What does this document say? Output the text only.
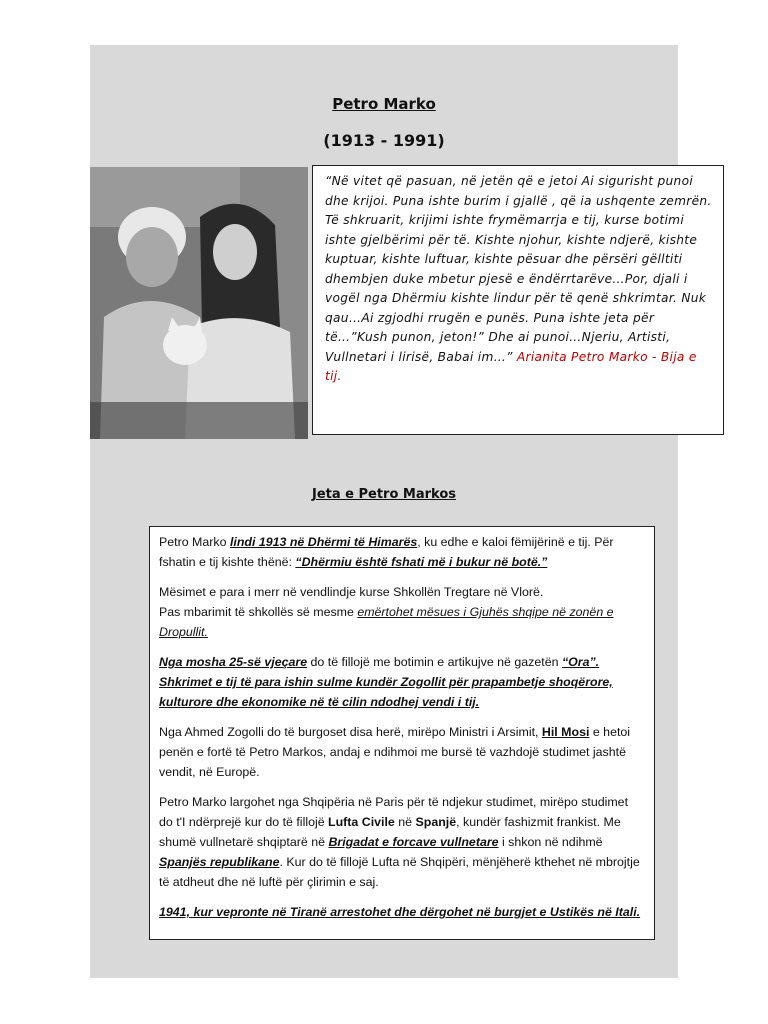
Petro Marko
(1913 - 1991)
“Në vitet që pasuan, në jetën që e jetoi Ai sigurisht punoi dhe krijoi. Puna ishte burim i gjallë , që ia ushqente zemrën. Të shkruarit, krijimi ishte frymëmarrja e tij, kurse botimi ishte gjelbërimi për të. Kishte njohur, kishte ndjerë, kishte kuptuar, kishte luftuar, kishte pësuar dhe përsëri gëlltiti dhembjen duke mbetur pjesë e ëndërrtarëve…Por, djali i vogël nga Dhërmiu kishte lindur për të qenë shkrimtar. Nuk qau…Ai zgjodhi rrugën e punës. Puna ishte jeta për të…”Kush punon, jeton!” Dhe ai punoi…Njeriu, Artisti, Vullnetari i lirisë, Babai im…” Arianita Petro Marko - Bija e tij.
Jeta e Petro Markos

Petro Marko lindi 1913 në Dhërmi të Himarës, ku edhe e kaloi fëmijërinë e tij. Për fshatin e tij kishte thënë: “Dhërmiu është fshati më i bukur në botë.”

Mësimet e para i merr në vendlindje kurse Shkollën Tregtare në Vlorë.
Pas mbarimit të shkollës së mesme emërtohet mësues i Gjuhës shqipe në zonën e Dropullit.

Nga mosha 25-së vjeçare do të fillojë me botimin e artikujve në gazetën “Ora”. Shkrimet e tij të para ishin sulme kundër Zogollit për prapambetje shoqërore, kulturore dhe ekonomike në të cilin ndodhej vendi i tij.

Nga Ahmed Zogolli do të burgoset disa herë, mirëpo Ministri i Arsimit, Hil Mosi e hetoi penën e fortë të Petro Markos, andaj e ndihmoi me bursë të vazhdojë studimet jashtë vendit, në Europë.

Petro Marko largohet nga Shqipëria në Paris për të ndjekur studimet, mirëpo studimet do t'I ndërprejë kur do të fillojë Lufta Civile në Spanjë, kundër fashizmit frankist. Me shumë vullnetarë shqiptarë në Brigadat e forcave vullnetare i shkon në ndihmë Spanjës republikane. Kur do të fillojë Lufta në Shqipëri, mënjëherë kthehet në mbrojtje të atdheut dhe në luftë për çlirimin e saj.

1941, kur vepronte në Tiranë arrestohet dhe dërgohet në burgjet e Ustikës në Itali.
